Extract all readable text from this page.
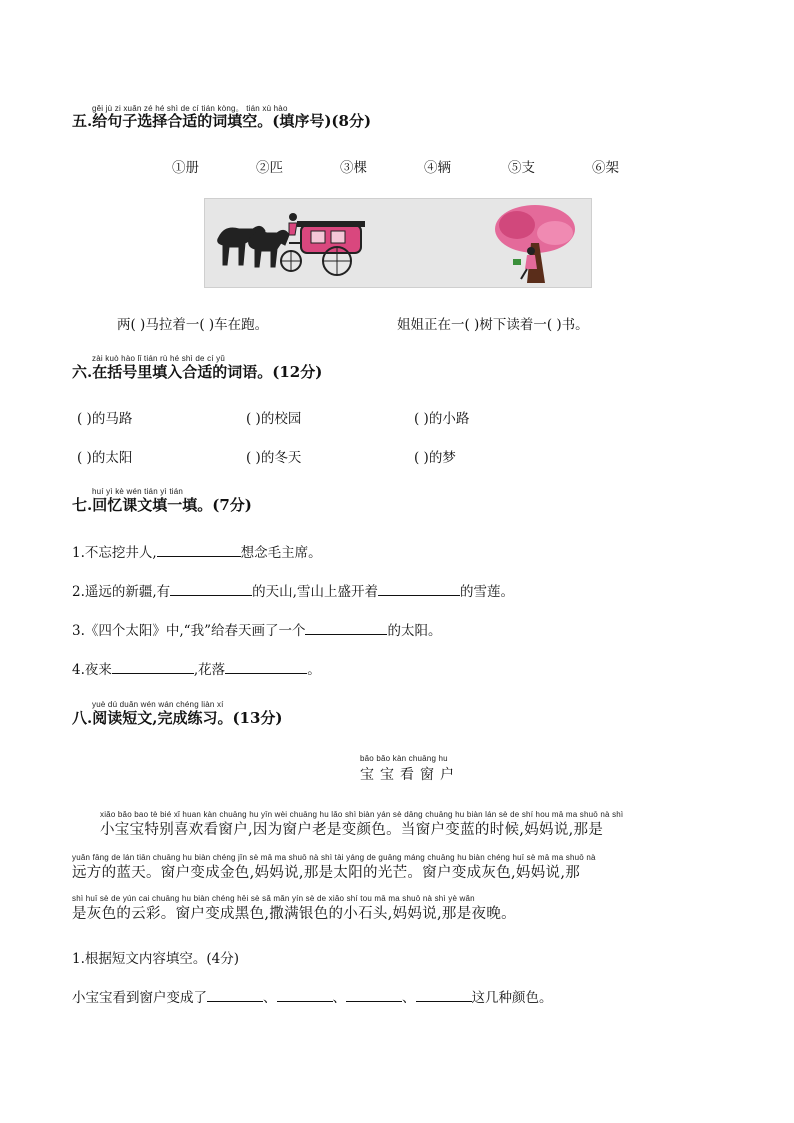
gěi jù zi xuǎn zé hé shì de cí tián kòng。 tián xù hào
五.给句子选择合适的词填空。(填序号)(8分)
①册	②匹	③棵	④辆	⑤支	⑥架
两( )马拉着一( )车在跑。	姐姐正在一( )树下读着一( )书。
zài kuò hào lǐ tián rù hé shì de cí yǔ
六.在括号里填入合适的词语。(12分)
( )的马路	( )的校园	( )的小路
( )的太阳	( )的冬天	( )的梦
huí yì kè wén tián yì tián
七.回忆课文填一填。(7分)
1.不忘挖井人,	想念毛主席。
2.遥远的新疆,有	的天山,雪山上盛开着	的雪莲。
3.《四个太阳》中,“我”给春天画了一个	的太阳。
4.夜来	,花落	。
yuè dú duǎn wén wán chéng liàn xí
八.阅读短文,完成练习。(13分)
bǎo bǎo kàn chuāng hu
宝宝看窗户
xiǎo bǎo bao tè bié xǐ huan kàn chuāng hu yīn wèi chuāng hu lǎo shì biàn yán sè dāng chuāng hu biàn lán sè de shí hou mā ma shuō nà shì
小宝宝特别喜欢看窗户,因为窗户老是变颜色。当窗户变蓝的时候,妈妈说,那是
yuǎn fāng de lán tiān chuāng hu biàn chéng jīn sè mā ma shuō nà shì tài yáng de guāng máng chuāng hu biàn chéng huī sè mā ma shuō nà
远方的蓝天。窗户变成金色,妈妈说,那是太阳的光芒。窗户变成灰色,妈妈说,那
shì huī sè de yún cai chuāng hu biàn chéng hēi sè sǎ mǎn yín sè de xiǎo shí tou mā ma shuō nà shì yè wǎn
是灰色的云彩。窗户变成黑色,撒满银色的小石头,妈妈说,那是夜晚。
1.根据短文内容填空。(4分)
小宝宝看到窗户变成了	、	、	、	这几种颜色。
